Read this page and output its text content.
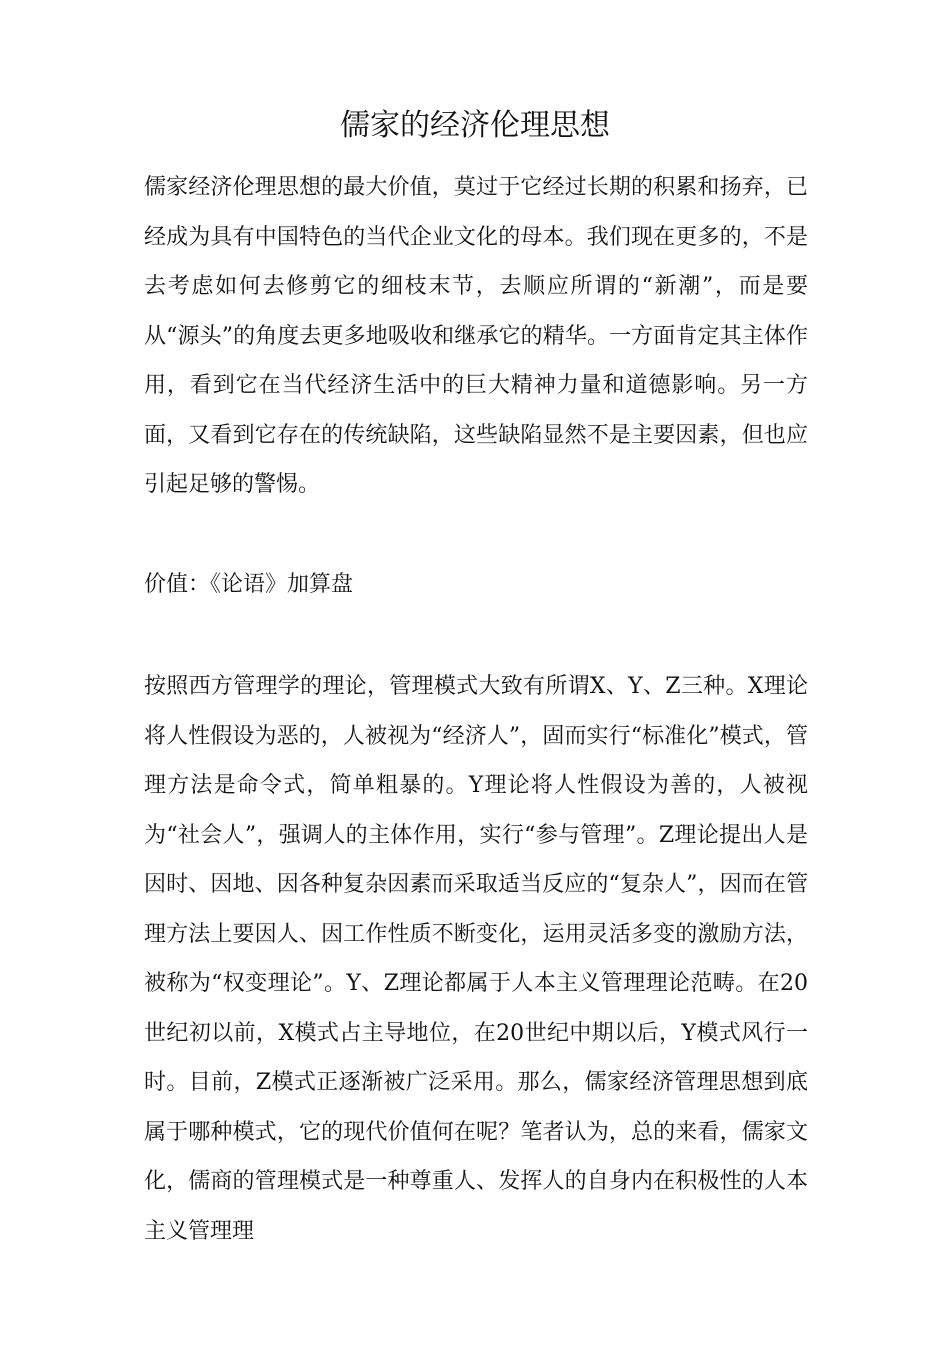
儒家的经济伦理思想

儒家经济伦理思想的最大价值，莫过于它经过长期的积累和扬弃，已经成为具有中国特色的当代企业文化的母本。我们现在更多的，不是去考虑如何去修剪它的细枝末节，去顺应所谓的“新潮”，而是要从“源头”的角度去更多地吸收和继承它的精华。一方面肯定其主体作用，看到它在当代经济生活中的巨大精神力量和道德影响。另一方面，又看到它存在的传统缺陷，这些缺陷显然不是主要因素，但也应引起足够的警惕。

价值：《论语》加算盘

按照西方管理学的理论，管理模式大致有所谓X、Y、Z三种。X理论将人性假设为恶的，人被视为“经济人”，固而实行“标准化”模式，管理方法是命令式，简单粗暴的。Y理论将人性假设为善的，人被视为“社会人”，强调人的主体作用，实行“参与管理”。Z理论提出人是因时、因地、因各种复杂因素而采取适当反应的“复杂人”，因而在管理方法上要因人、因工作性质不断变化，运用灵活多变的激励方法，被称为“权变理论”。Y、Z理论都属于人本主义管理理论范畴。在20世纪初以前，X模式占主导地位，在20世纪中期以后，Y模式风行一时。目前，Z模式正逐渐被广泛采用。那么，儒家经济管理思想到底属于哪种模式，它的现代价值何在呢？笔者认为，总的来看，儒家文化，儒商的管理模式是一种尊重人、发挥人的自身内在积极性的人本主义管理理
